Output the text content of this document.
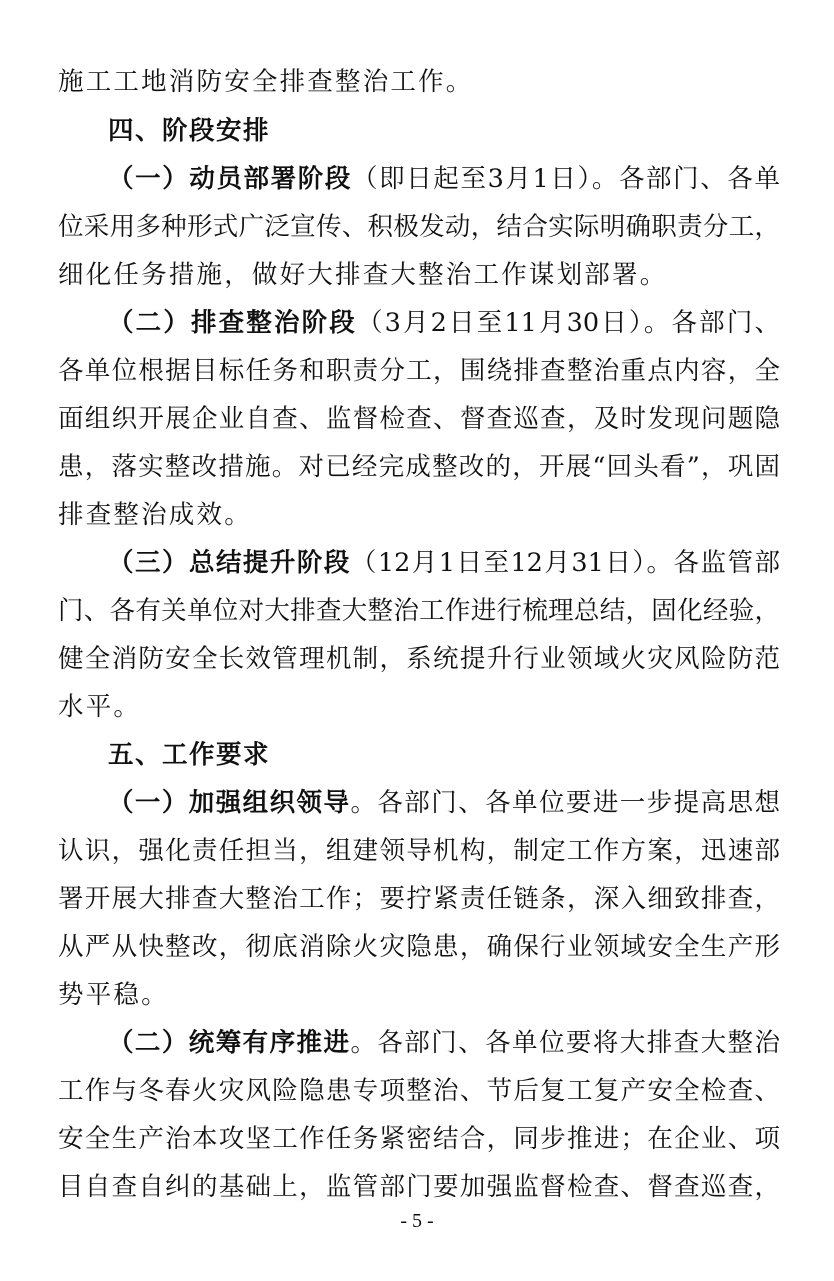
施工工地消防安全排查整治工作。
四、阶段安排
（一）动员部署阶段（即日起至3月1日）。各部门、各单
位采用多种形式广泛宣传、积极发动，结合实际明确职责分工，
细化任务措施，做好大排查大整治工作谋划部署。
（二）排查整治阶段（3月2日至11月30日）。各部门、
各单位根据目标任务和职责分工，围绕排查整治重点内容，全
面组织开展企业自查、监督检查、督查巡查，及时发现问题隐
患，落实整改措施。对已经完成整改的，开展“回头看”，巩固
排查整治成效。
（三）总结提升阶段（12月1日至12月31日）。各监管部
门、各有关单位对大排查大整治工作进行梳理总结，固化经验，
健全消防安全长效管理机制，系统提升行业领域火灾风险防范
水平。
五、工作要求
（一）加强组织领导。各部门、各单位要进一步提高思想
认识，强化责任担当，组建领导机构，制定工作方案，迅速部
署开展大排查大整治工作；要拧紧责任链条，深入细致排查，
从严从快整改，彻底消除火灾隐患，确保行业领域安全生产形
势平稳。
（二）统筹有序推进。各部门、各单位要将大排查大整治
工作与冬春火灾风险隐患专项整治、节后复工复产安全检查、
安全生产治本攻坚工作任务紧密结合，同步推进；在企业、项
目自查自纠的基础上，监管部门要加强监督检查、督查巡查，
- 5 -
